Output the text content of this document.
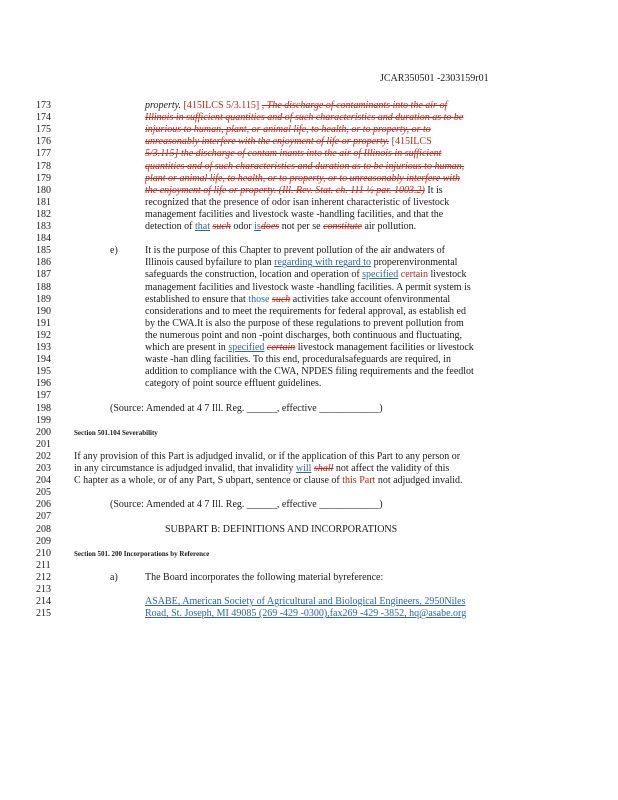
JCAR350501 -2303159r01
173	property. [415ILCS 5/3.115] , The discharge of contaminants into the air of
174	Illinois in sufficient quantities and of such characteristics and duration as to be
175	injurious to human, plant, or animal life, to health, or to property, or to
176	unreasonably interfere with the enjoyment of life or property. [415ILCS
177	5/3.115] the discharge of contam inants into the air of Illinois in sufficient
178	quantities and of such characteristics and duration as to be injurious to human,
179	plant or animal life, to health, or to property, or to unreasonably interfere with
180	the enjoyment of life or property. (Ill. Rev. Stat. ch. 111 ½ par. 1003.2) It is
181	recognized that the presence of odor isan inherent characteristic of livestock
182	management facilities and livestock waste -handling facilities, and that the
183	detection of that such odor isdoes not per se constitute air pollution.
184
185	e)	It is the purpose of this Chapter to prevent pollution of the air andwaters of
186	Illinois caused byfailure to plan regarding with regard to properenvironmental
187	safeguards the construction, location and operation of specified certain livestock
188	management facilities and livestock waste -handling facilities. A permit system is
189	established to ensure that those such activities take account ofenvironmental
190	considerations and to meet the requirements for federal approval, as establish ed
191	by the CWA.It is also the purpose of these regulations to prevent pollution from
192	the numerous point and non -point discharges, both continuous and fluctuating,
193	which are present in specified certain livestock management facilities or livestock
194	waste -han dling facilities. To this end, proceduralsafeguards are required, in
195	addition to compliance with the CWA, NPDES filing requirements and the feedlot
196	category of point source effluent guidelines.
197
198	(Source: Amended at 4 7 Ill. Reg. ______, effective ____________)
199
200	Section 501.104 Severability
201
202	If any provision of this Part is adjudged invalid, or if the application of this Part to any person or
203	in any circumstance is adjudged invalid, that invalidity will shall not affect the validity of this
204	C hapter as a whole, or of any Part, S ubpart, sentence or clause of this Part not adjudged invalid.
205
206	(Source: Amended at 4 7 Ill. Reg. ______, effective ____________)
207
208	SUBPART B: DEFINITIONS AND INCORPORATIONS
209
210	Section 501. 200 Incorporations by Reference
211
212	a)	The Board incorporates the following material byreference:
213
214	ASABE, American Society of Agricultural and Biological Engineers, 2950Niles
215	Road, St. Joseph, MI 49085 (269 -429 -0300),fax269 -429 -3852, hq@asabe.org
